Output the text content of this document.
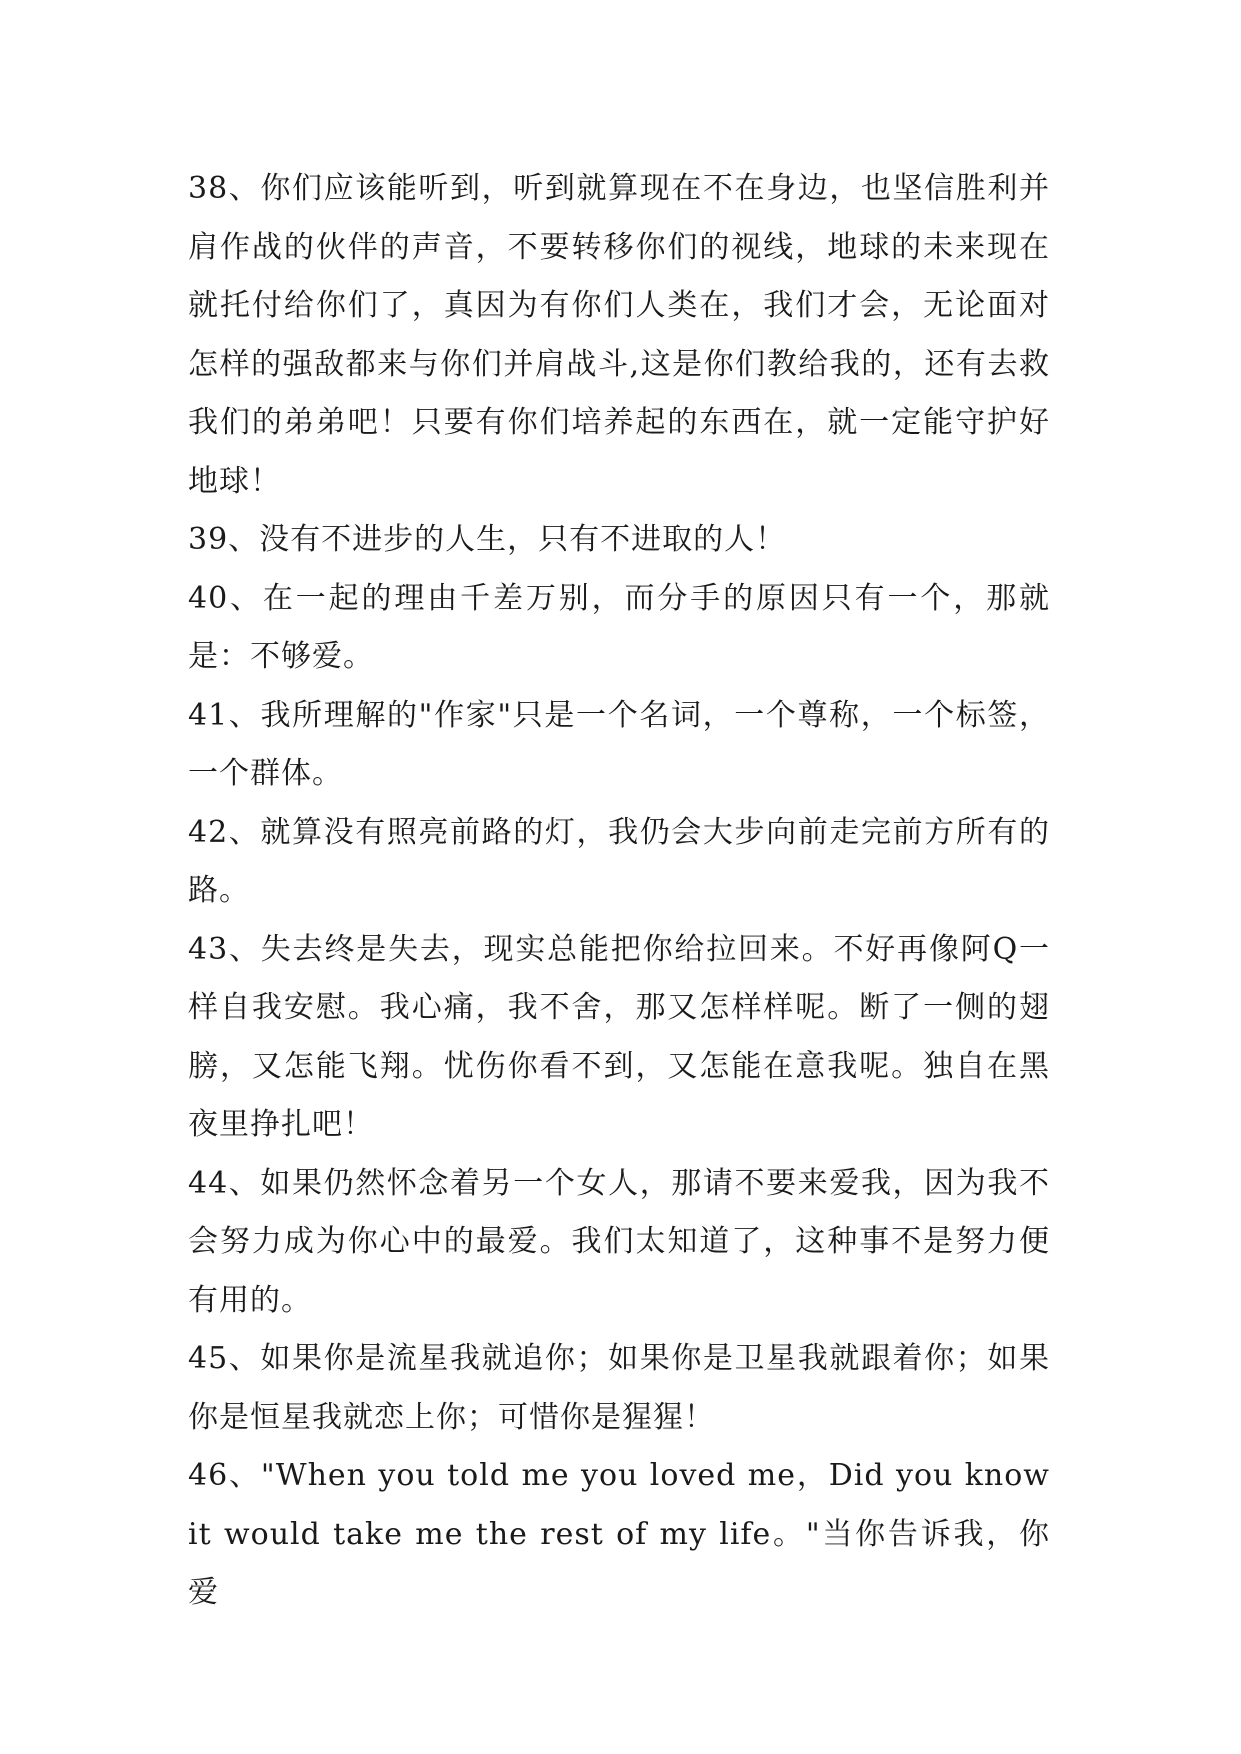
38、你们应该能听到，听到就算现在不在身边，也坚信胜利并肩作战的伙伴的声音，不要转移你们的视线，地球的未来现在就托付给你们了，真因为有你们人类在，我们才会，无论面对怎样的强敌都来与你们并肩战斗,这是你们教给我的，还有去救我们的弟弟吧！只要有你们培养起的东西在，就一定能守护好地球！

39、没有不进步的人生，只有不进取的人！

40、在一起的理由千差万别，而分手的原因只有一个，那就是：不够爱。

41、我所理解的"作家"只是一个名词，一个尊称，一个标签，一个群体。

42、就算没有照亮前路的灯，我仍会大步向前走完前方所有的路。

43、失去终是失去，现实总能把你给拉回来。不好再像阿Q一样自我安慰。我心痛，我不舍，那又怎样样呢。断了一侧的翅膀，又怎能飞翔。忧伤你看不到，又怎能在意我呢。独自在黑夜里挣扎吧！

44、如果仍然怀念着另一个女人，那请不要来爱我，因为我不会努力成为你心中的最爱。我们太知道了，这种事不是努力便有用的。

45、如果你是流星我就追你；如果你是卫星我就跟着你；如果你是恒星我就恋上你；可惜你是猩猩！

46、"When you told me you loved me，Did you know it would take me the rest of my life。"当你告诉我，你爱
